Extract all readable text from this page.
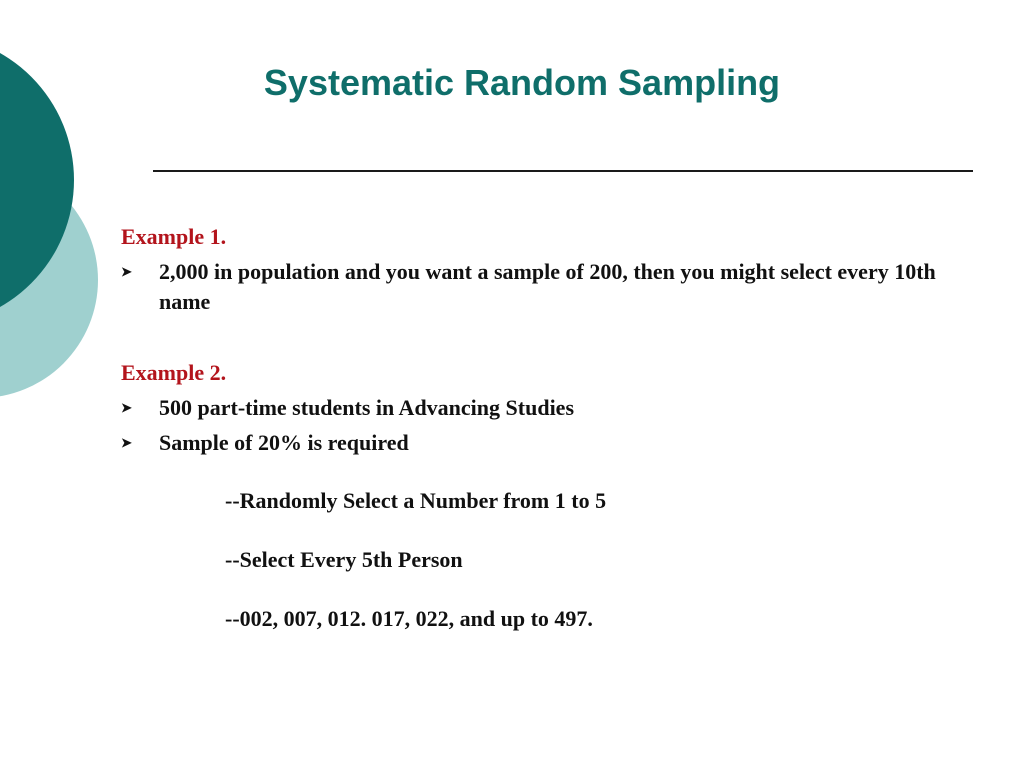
Systematic Random Sampling

Example 1.

➤	2,000 in population and you want a sample of 200, then you might select every 10th name

Example 2.

➤	500 part-time students in Advancing Studies
➤	Sample of 20% is required
--Randomly Select a Number from 1 to 5
--Select Every 5th Person
--002, 007, 012. 017, 022, and up to 497.
